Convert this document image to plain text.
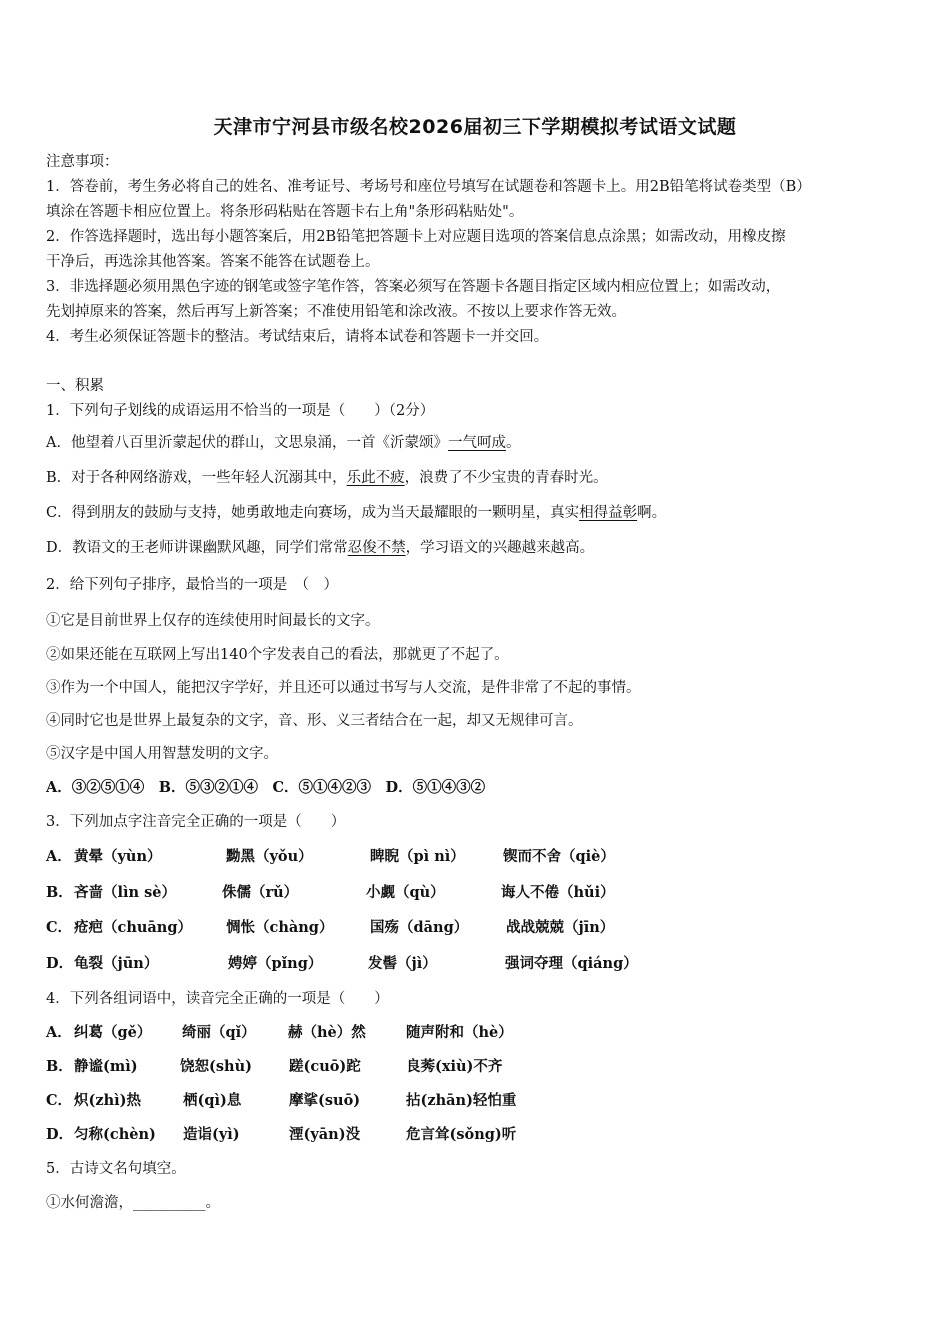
天津市宁河县市级名校2026届初三下学期模拟考试语文试题
注意事项：
1．答卷前，考生务必将自己的姓名、准考证号、考场号和座位号填写在试题卷和答题卡上。用2B铅笔将试卷类型（B）
填涂在答题卡相应位置上。将条形码粘贴在答题卡右上角"条形码粘贴处"。
2．作答选择题时，选出每小题答案后，用2B铅笔把答题卡上对应题目选项的答案信息点涂黑；如需改动，用橡皮擦
干净后，再选涂其他答案。答案不能答在试题卷上。
3．非选择题必须用黑色字迹的钢笔或签字笔作答，答案必须写在答题卡各题目指定区域内相应位置上；如需改动，
先划掉原来的答案，然后再写上新答案；不准使用铅笔和涂改液。不按以上要求作答无效。
4．考生必须保证答题卡的整洁。考试结束后，请将本试卷和答题卡一并交回。
一、积累
1．下列句子划线的成语运用不恰当的一项是（　　）（2分）
A．他望着八百里沂蒙起伏的群山，文思泉涌，一首《沂蒙颂》一气呵成。
B．对于各种网络游戏，一些年轻人沉溺其中，乐此不疲，浪费了不少宝贵的青春时光。
C．得到朋友的鼓励与支持，她勇敢地走向赛场，成为当天最耀眼的一颗明星，真实相得益彰啊。
D．教语文的王老师讲课幽默风趣，同学们常常忍俊不禁，学习语文的兴趣越来越高。
2．给下列句子排序，最恰当的一项是　（　）
①它是目前世界上仅存的连续使用时间最长的文字。
②如果还能在互联网上写出140个字发表自己的看法，那就更了不起了。
③作为一个中国人，能把汉字学好，并且还可以通过书写与人交流，是件非常了不起的事情。
④同时它也是世界上最复杂的文字，音、形、义三者结合在一起，却又无规律可言。
⑤汉字是中国人用智慧发明的文字。
A．③②⑤①④　B．⑤③②①④　C．⑤①④②③　D．⑤①④③②
3．下列加点字注音完全正确的一项是（　　）
A． 黄晕（yùn）	黝黑（yǒu）	睥睨（pì nì）	锲而不舍（qiè）
B． 吝啬（lìn sè）	侏儒（rǔ）	小觑（qù）	诲人不倦（hǔi）
C． 疮疤（chuāng） 惆怅（chàng）	国殇（dāng）	战战兢兢（jīn）
D． 龟裂（jūn）	娉婷（pǐng）	发髻（jì）	强词夺理（qiáng）
4．下列各组词语中，读音完全正确的一项是（　　）
A． 纠葛（gě） 绮丽（qǐ） 赫（hè）然	随声附和（hè）
B． 静谧(mì)	饶恕(shù)	蹉(cuō)跎	良莠(xiù)不齐
C． 炽(zhì)热	栖(qì)息	摩挲(suō)	拈(zhān)轻怕重
D． 匀称(chèn) 造诣(yì)	湮(yān)没	危言耸(sǒng)听
5．古诗文名句填空。
①水何澹澹，__________。
